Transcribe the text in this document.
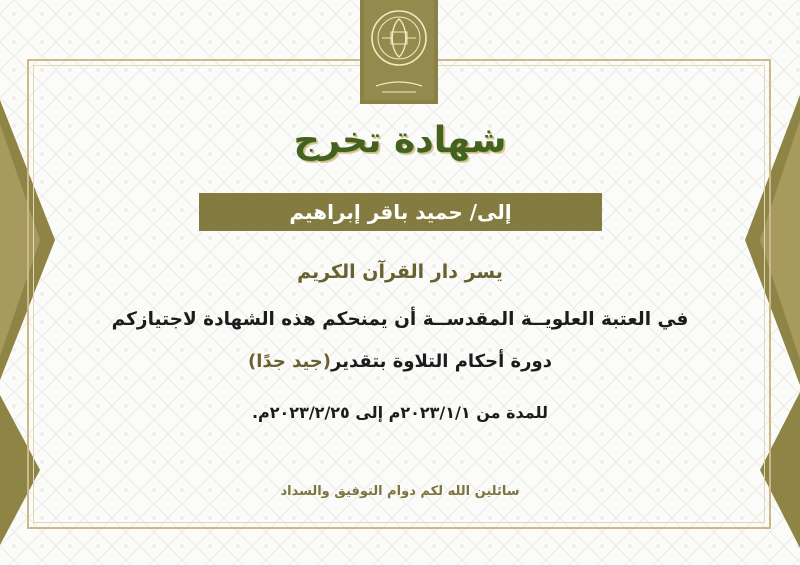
شهادة تخرج
إلى/ حميد باقر إبراهيم
يسر دار القرآن الكريم
في العتبة العلويــة المقدســة أن يمنحكم هذه الشهادة لاجتيازكم
دورة أحكام التلاوة بتقدير(جيد جدًا)
للمدة من ٢٠٢٣/١/١م إلى ٢٠٢٣/٢/٢٥م.
سائلين الله لكم دوام التوفيق والسداد
